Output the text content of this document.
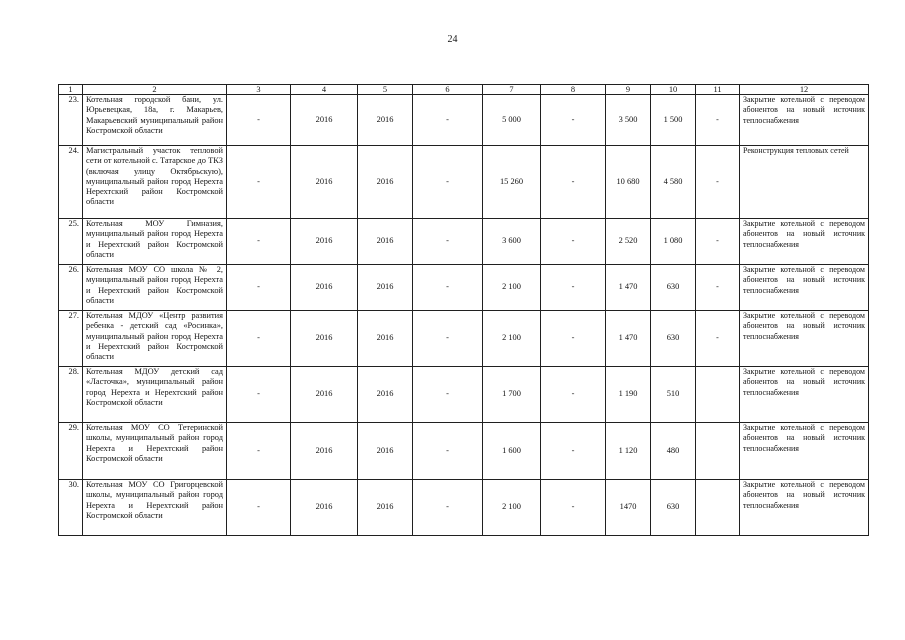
24
1	2	3	4	5	6	7	8	9	10	11	12
23.	Котельная городской бани, ул. Юрьевецкая, 18а, г. Макарьев, Макарьевский муниципальный район Костромской области	-	2016	2016	-	5 000	-	3 500	1 500	-	Закрытие котельной с переводом абонентов на новый источник теплоснабжения
24.	Магистральный участок тепловой сети от котельной с. Татарское до ТКЗ (включая улицу Октябрьскую), муниципальный район город Нерехта Нерехтский район Костромской области	-	2016	2016	-	15 260	-	10 680	4 580	-	Реконструкция тепловых сетей
25.	Котельная МОУ Гимназия, муниципальный район город Нерехта и Нерехтский район Костромской области	-	2016	2016	-	3 600	-	2 520	1 080	-	Закрытие котельной с переводом абонентов на новый источник теплоснабжения
26.	Котельная МОУ СО школа № 2, муниципальный район город Нерехта и Нерехтский район Костромской области	-	2016	2016	-	2 100	-	1 470	630	-	Закрытие котельной с переводом абонентов на новый источник теплоснабжения
27.	Котельная МДОУ «Центр развития ребенка - детский сад «Росинка», муниципальный район город Нерехта и Нерехтский район Костромской области	-	2016	2016	-	2 100	-	1 470	630	-	Закрытие котельной с переводом абонентов на новый источник теплоснабжения
28.	Котельная МДОУ детский сад «Ласточка», муниципальный район город Нерехта и Нерехтский район Костромской области	-	2016	2016	-	1 700	-	1 190	510		Закрытие котельной с переводом абонентов на новый источник теплоснабжения
29.	Котельная МОУ СО Тетеринской школы, муниципальный район город Нерехта и Нерехтский район Костромской области	-	2016	2016	-	1 600	-	1 120	480		Закрытие котельной с переводом абонентов на новый источник теплоснабжения
30.	Котельная МОУ СО Григорцевской школы, муниципальный район город Нерехта и Нерехтский район Костромской области	-	2016	2016	-	2 100	-	1470	630		Закрытие котельной с переводом абонентов на новый источник теплоснабжения
